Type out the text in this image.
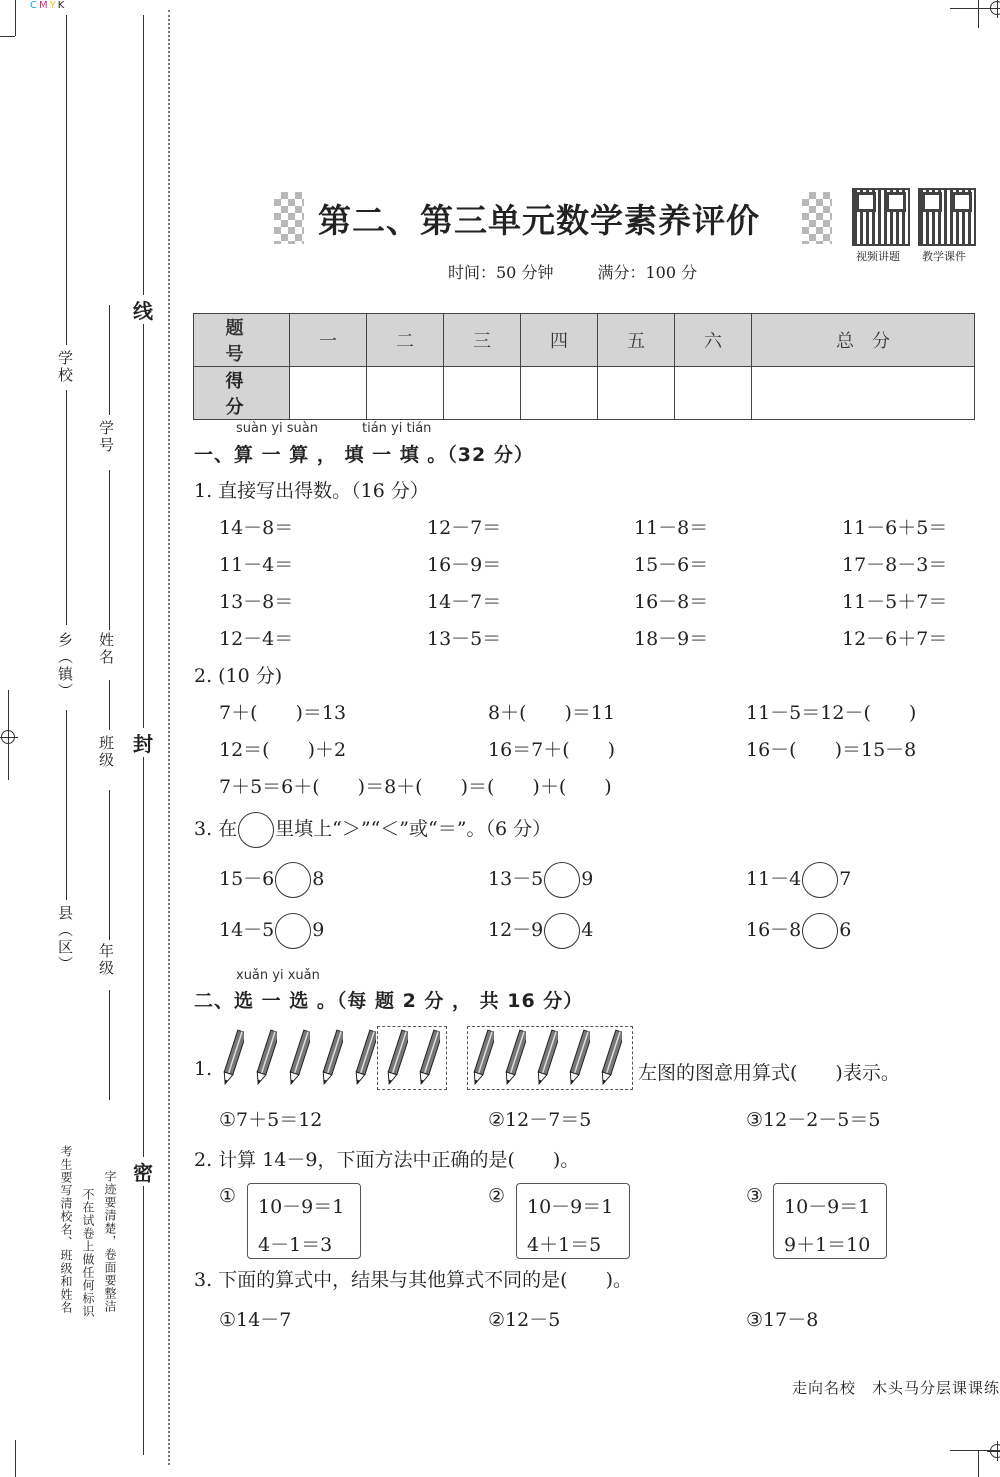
CMYK
线
封
密
学校
乡（镇）
县（区）
学号
姓名
班级
年级
考生要写清校名、班级和姓名 不在试卷上做任何标识 字迹要清楚，卷面要整洁
第二、第三单元数学素养评价
视频讲题 教学课件
时间：50 分钟	满分：100 分
题　号	一	二	三	四	五	六	总　分
得　分							
suàn yi suàn	tián yi tián
一、算 一 算 ， 填 一 填 。（32 分）
1. 直接写出得数。（16 分）
14－8＝	12－7＝	11－8＝	11－6＋5＝
11－4＝	16－9＝	15－6＝	17－8－3＝
13－8＝	14－7＝	16－8＝	11－5＋7＝
12－4＝	13－5＝	18－9＝	12－6＋7＝
2. (10 分)
7＋(　　)＝13	8＋(　　)＝11	11－5＝12－(　　)
12＝(　　)＋2	16＝7＋(　　)	16－(　　)＝15－8
7＋5＝6＋(　　)＝8＋(　　)＝(　　)＋(　　)
3. 在 里填上“＞”“＜”或“＝”。（6 分）
15－6 8	13－5 9	11－4 7
14－5 9	12－9 4	16－8 6
xuǎn yi xuǎn
二、选 一 选 。（每 题 2 分 ， 共 16 分）
1.	左图的图意用算式(　　)表示。
①7＋5＝12	②12－7＝5	③12－2－5＝5
2. 计算 14－9，下面方法中正确的是(　　)。
① 10－9＝1
4－1＝3
② 10－9＝1
4＋1＝5
③ 10－9＝1
9＋1＝10
3. 下面的算式中，结果与其他算式不同的是(　　)。
①14－7	②12－5	③17－8
走向名校　木头马分层课课练
